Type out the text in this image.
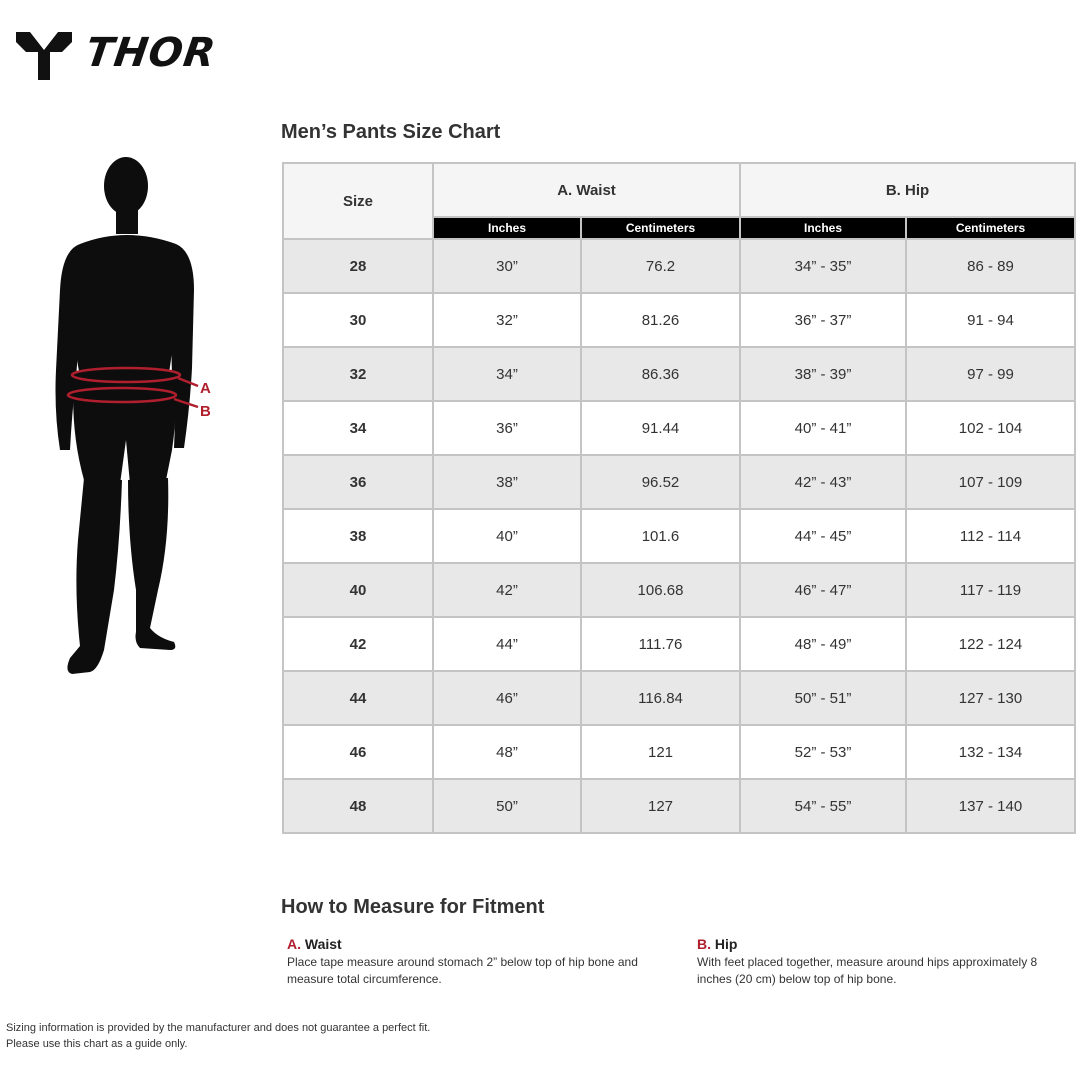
THOR
A
B
Men’s Pants Size Chart
Size	A. Waist		B. Hip	
	Inches	Centimeters	Inches	Centimeters
28	30”	76.2	34” - 35”	86 - 89
30	32”	81.26	36” - 37”	91 - 94
32	34”	86.36	38” - 39”	97 - 99
34	36”	91.44	40” - 41”	102 - 104
36	38”	96.52	42” - 43”	107 - 109
38	40”	101.6	44” - 45”	112 - 114
40	42”	106.68	46” - 47”	117 - 119
42	44”	111.76	48” - 49”	122 - 124
44	46”	116.84	50” - 51”	127 - 130
46	48”	121	52” - 53”	132 - 134
48	50”	127	54” - 55”	137 - 140
How to Measure for Fitment
A. Waist
Place tape measure around stomach 2” below top of hip bone and measure total circumference.
B. Hip
With feet placed together, measure around hips approximately 8 inches (20 cm) below top of hip bone.
Sizing information is provided by the manufacturer and does not guarantee a perfect fit.
Please use this chart as a guide only.
